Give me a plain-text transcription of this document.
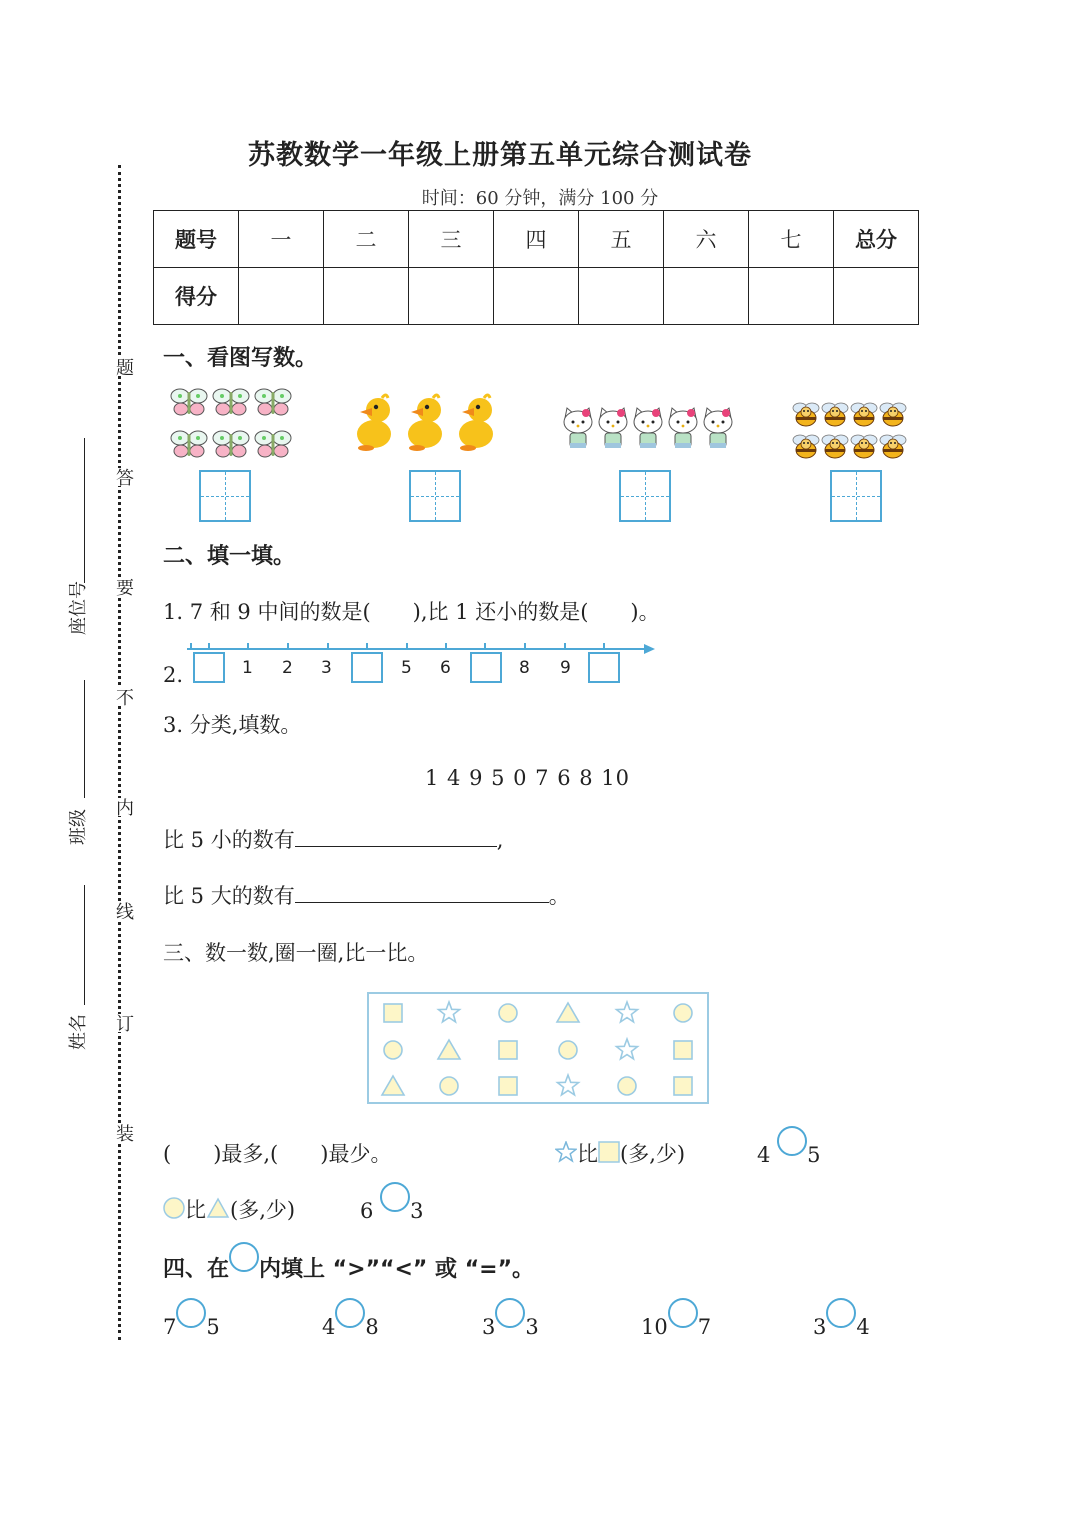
苏教数学一年级上册第五单元综合测试卷
时间：60 分钟，满分 100 分
题号	一	二	三	四	五	六	七	总分
得分								
题
答
要
不
内
线
订
装
座位号
班级
姓名
一、看图写数。
二、填一填。
1. 7 和 9 中间的数是(　　),比 1 还小的数是(　　)。
2.	1 2 3	5 6	8 9
3. 分类,填数。
1 4 9 5 0 7 6 8 10
比 5 小的数有	,
比 5 大的数有	。
三、数一数,圈一圈,比一比。
(　　)最多,(　　)最少。	比 (多,少)	4 5
比 (多,少)	6 3
四、在 内填上 “>”“<” 或 “=”。
7 5	4 8	3 3	10 7	3 4
